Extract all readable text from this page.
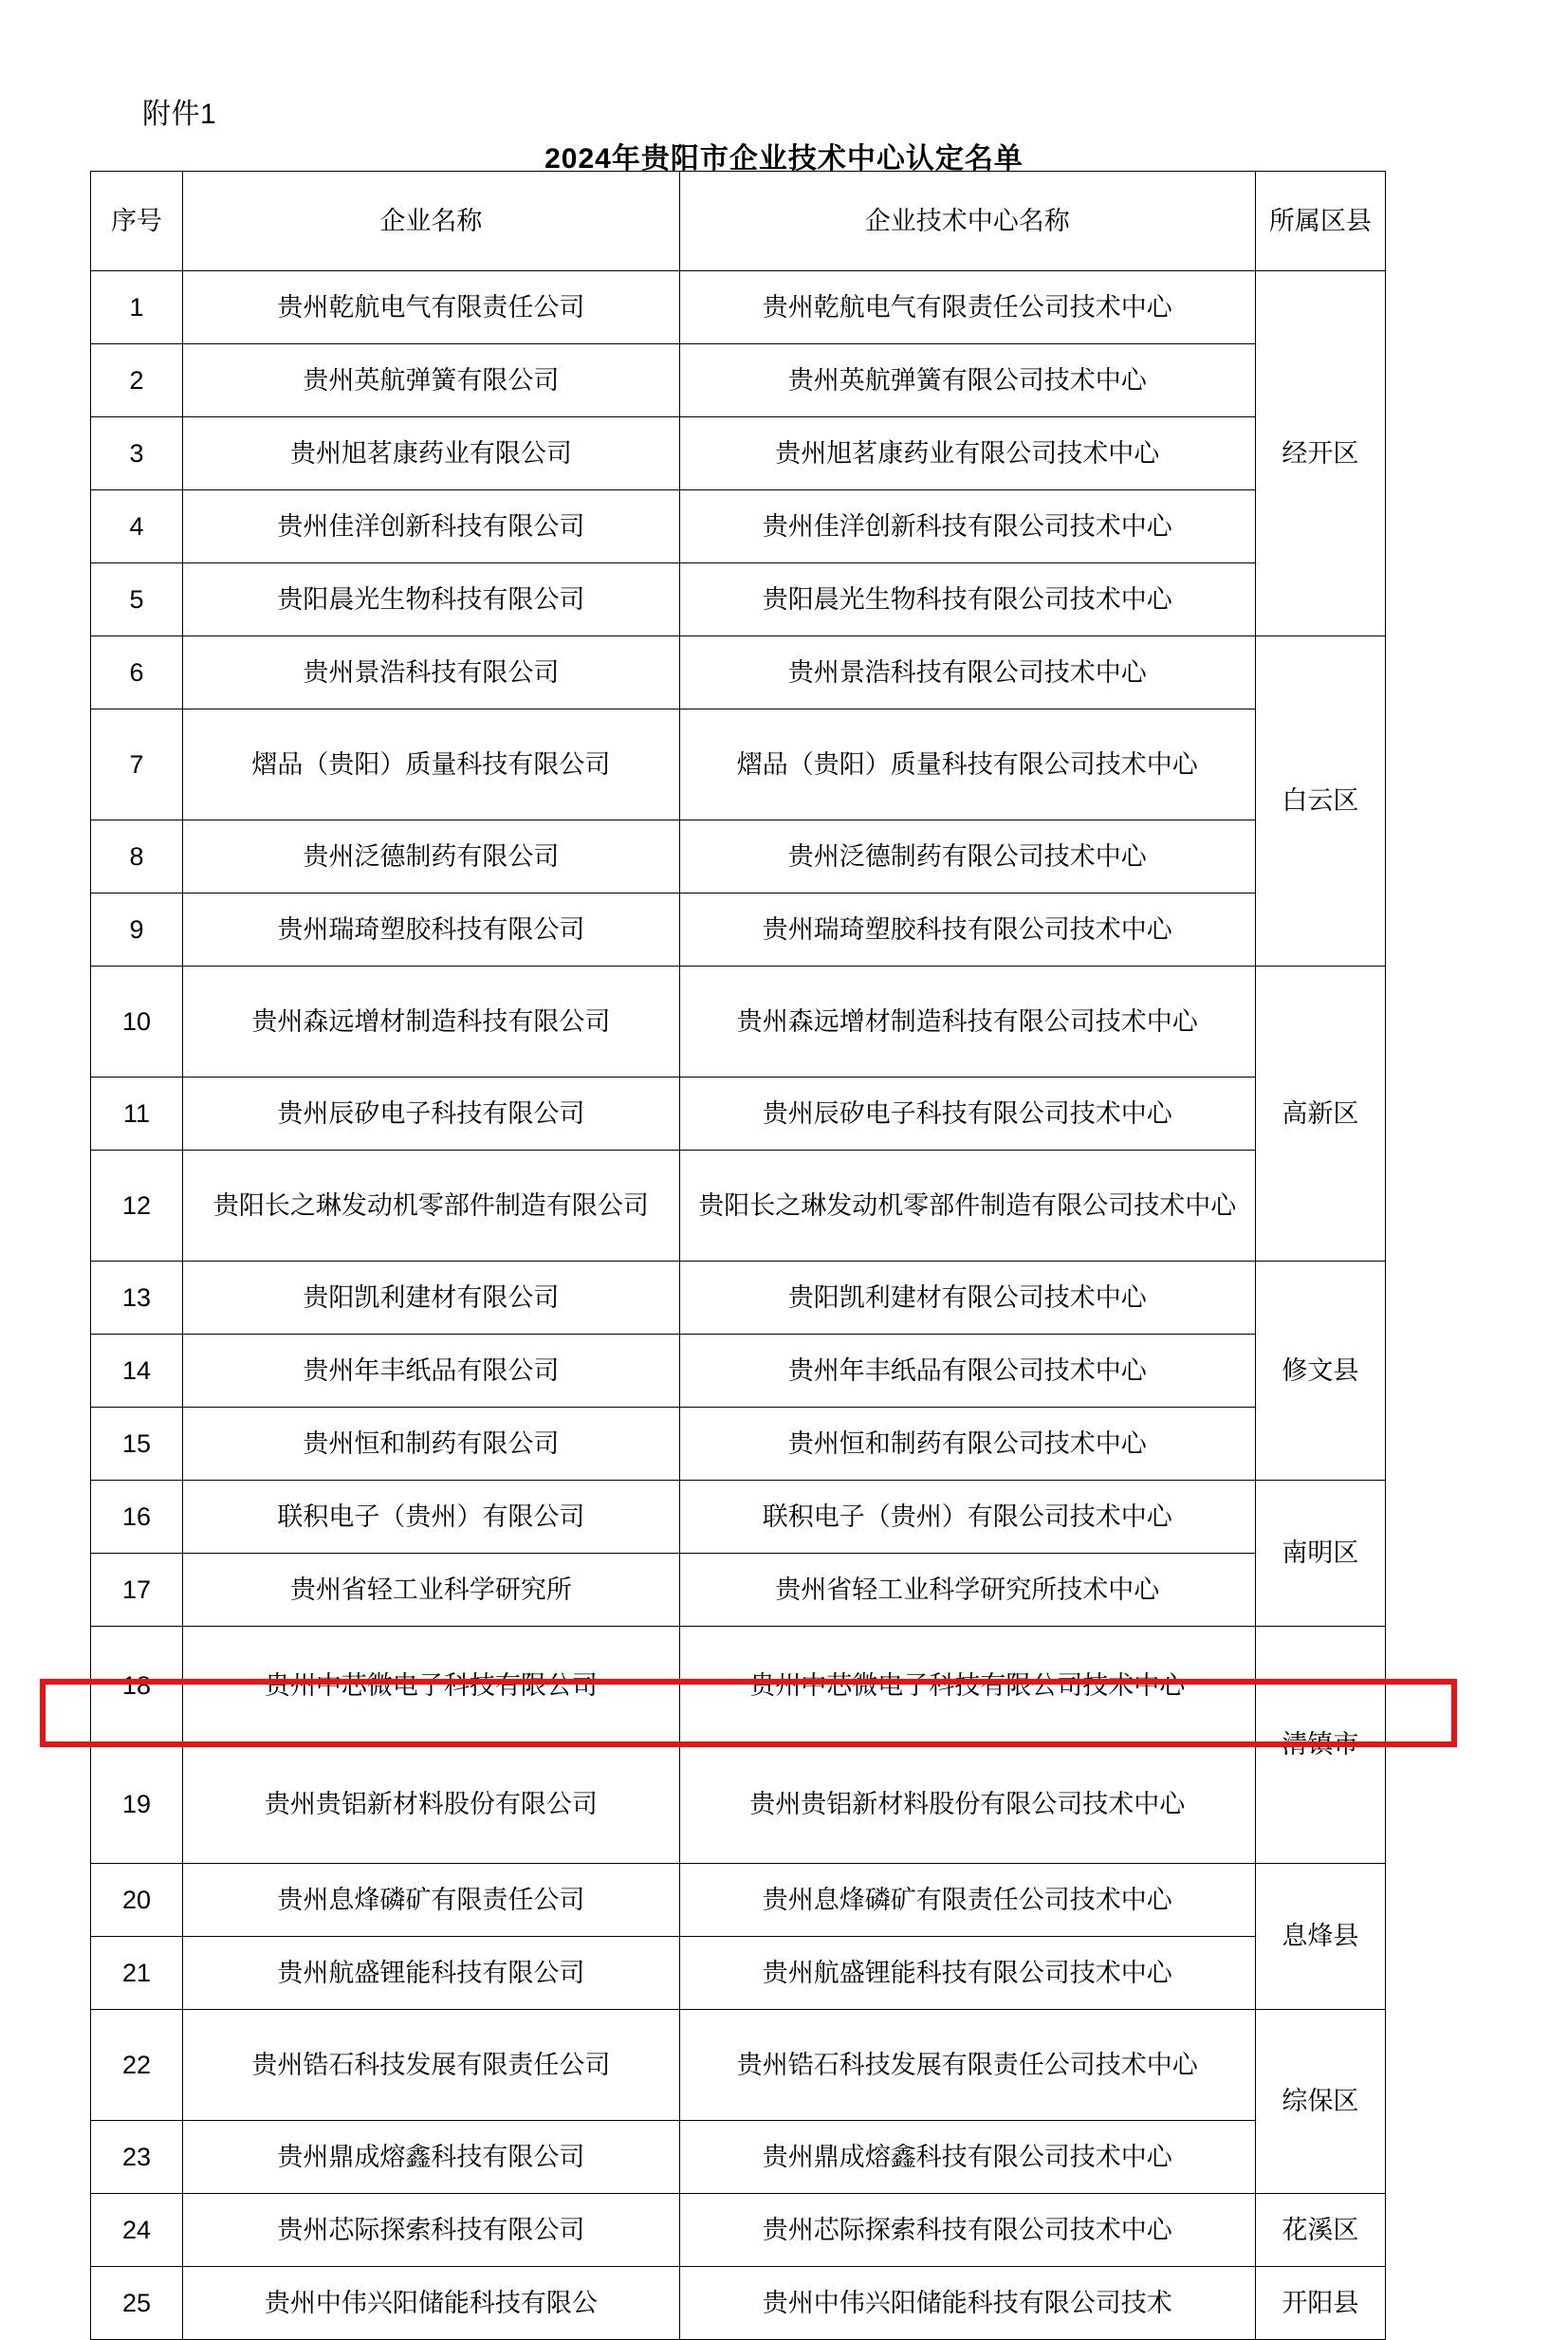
附件1
2024年贵阳市企业技术中心认定名单
序号	企业名称	企业技术中心名称	所属区县
1	贵州乾航电气有限责任公司	贵州乾航电气有限责任公司技术中心	经开区
2	贵州英航弹簧有限公司	贵州英航弹簧有限公司技术中心	
3	贵州旭茗康药业有限公司	贵州旭茗康药业有限公司技术中心	
4	贵州佳洋创新科技有限公司	贵州佳洋创新科技有限公司技术中心	
5	贵阳晨光生物科技有限公司	贵阳晨光生物科技有限公司技术中心	
6	贵州景浩科技有限公司	贵州景浩科技有限公司技术中心	白云区
7	熠品（贵阳）质量科技有限公司	熠品（贵阳）质量科技有限公司技术中心	
8	贵州泛德制药有限公司	贵州泛德制药有限公司技术中心	
9	贵州瑞琦塑胶科技有限公司	贵州瑞琦塑胶科技有限公司技术中心	
10	贵州森远增材制造科技有限公司	贵州森远增材制造科技有限公司技术中心	高新区
11	贵州辰矽电子科技有限公司	贵州辰矽电子科技有限公司技术中心	
12	贵阳长之琳发动机零部件制造有限公司	贵阳长之琳发动机零部件制造有限公司技术中心	
13	贵阳凯利建材有限公司	贵阳凯利建材有限公司技术中心	修文县
14	贵州年丰纸品有限公司	贵州年丰纸品有限公司技术中心	
15	贵州恒和制药有限公司	贵州恒和制药有限公司技术中心	
16	联积电子（贵州）有限公司	联积电子（贵州）有限公司技术中心	南明区
17	贵州省轻工业科学研究所	贵州省轻工业科学研究所技术中心	
18	贵州中芯微电子科技有限公司	贵州中芯微电子科技有限公司技术中心	清镇市
19	贵州贵铝新材料股份有限公司	贵州贵铝新材料股份有限公司技术中心	
20	贵州息烽磷矿有限责任公司	贵州息烽磷矿有限责任公司技术中心	息烽县
21	贵州航盛锂能科技有限公司	贵州航盛锂能科技有限公司技术中心	
22	贵州锆石科技发展有限责任公司	贵州锆石科技发展有限责任公司技术中心	综保区
23	贵州鼎成熔鑫科技有限公司	贵州鼎成熔鑫科技有限公司技术中心	
24	贵州芯际探索科技有限公司	贵州芯际探索科技有限公司技术中心	花溪区
25	贵州中伟兴阳储能科技有限公	贵州中伟兴阳储能科技有限公司技术	开阳县
